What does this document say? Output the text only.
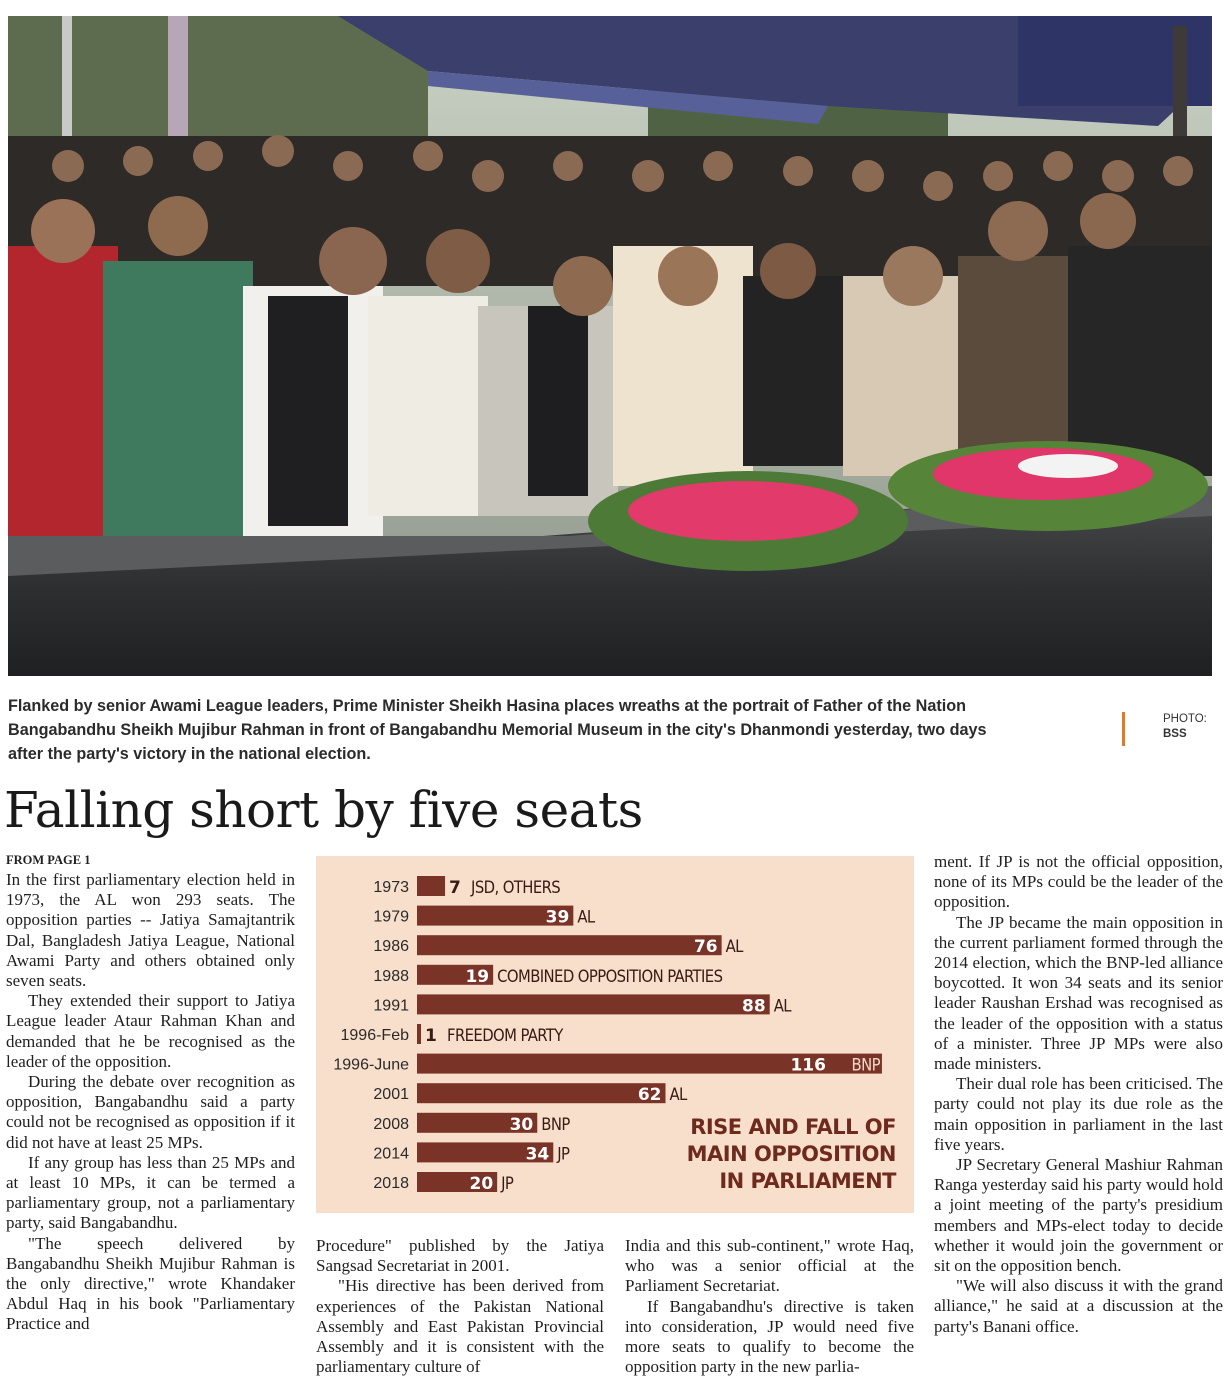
Flanked by senior Awami League leaders, Prime Minister Sheikh Hasina places wreaths at the portrait of Father of the Nation Bangabandhu Sheikh Mujibur Rahman in front of Bangabandhu Memorial Museum in the city's Dhanmondi yesterday, two days after the party's victory in the national election.
PHOTO:
BSS
Falling short by five seats
FROM PAGE 1

In the first parliamentary election held in 1973, the AL won 293 seats. The opposition parties -- Jatiya Samajtantrik Dal, Bangladesh Jatiya League, National Awami Party and others obtained only seven seats.

They extended their support to Jatiya League leader Ataur Rahman Khan and demanded that he be recognised as the leader of the opposition.

During the debate over recognition as opposition, Bangabandhu said a party could not be recognised as opposition if it did not have at least 25 MPs.

If any group has less than 25 MPs and at least 10 MPs, it can be termed a parliamentary group, not a parliamentary party, said Bangabandhu.

"The speech delivered by Bangabandhu Sheikh Mujibur Rahman is the only directive," wrote Khandaker Abdul Haq in his book "Parliamentary Practice and

Procedure" published by the Jatiya Sangsad Secretariat in 2001.

"His directive has been derived from experiences of the Pakistan National Assembly and East Pakistan Provincial Assembly and it is consistent with the parliamentary culture of

India and this sub-continent," wrote Haq, who was a senior official at the Parliament Secretariat.

If Bangabandhu's directive is taken into consideration, JP would need five more seats to qualify to become the opposition party in the new parlia-

ment. If JP is not the official opposition, none of its MPs could be the leader of the opposition.

The JP became the main opposition in the current parliament formed through the 2014 election, which the BNP-led alliance boycotted. It won 34 seats and its senior leader Raushan Ershad was recognised as the leader of the opposition with a status of a minister. Three JP MPs were also made ministers.

Their dual role has been criticised. The party could not play its due role as the main opposition in parliament in the last five years.

JP Secretary General Mashiur Rahman Ranga yesterday said his party would hold a joint meeting of the party's presidium members and MPs-elect today to decide whether it would join the government or sit on the opposition bench.

"We will also discuss it with the grand alliance," he said at a discussion at the party's Banani office.

1973 7 JSD, OTHERS
1979	39 AL
1986	76 AL
1988	19 COMBINED OPPOSITION PARTIES
1991	88 AL
1996-Feb 1 FREEDOM PARTY
1996-June	116 BNP
2001	62 AL
2008	30 BNP
2014	34 JP
2018	20 JP
RISE AND FALL OF
MAIN OPPOSITION
IN PARLIAMENT
